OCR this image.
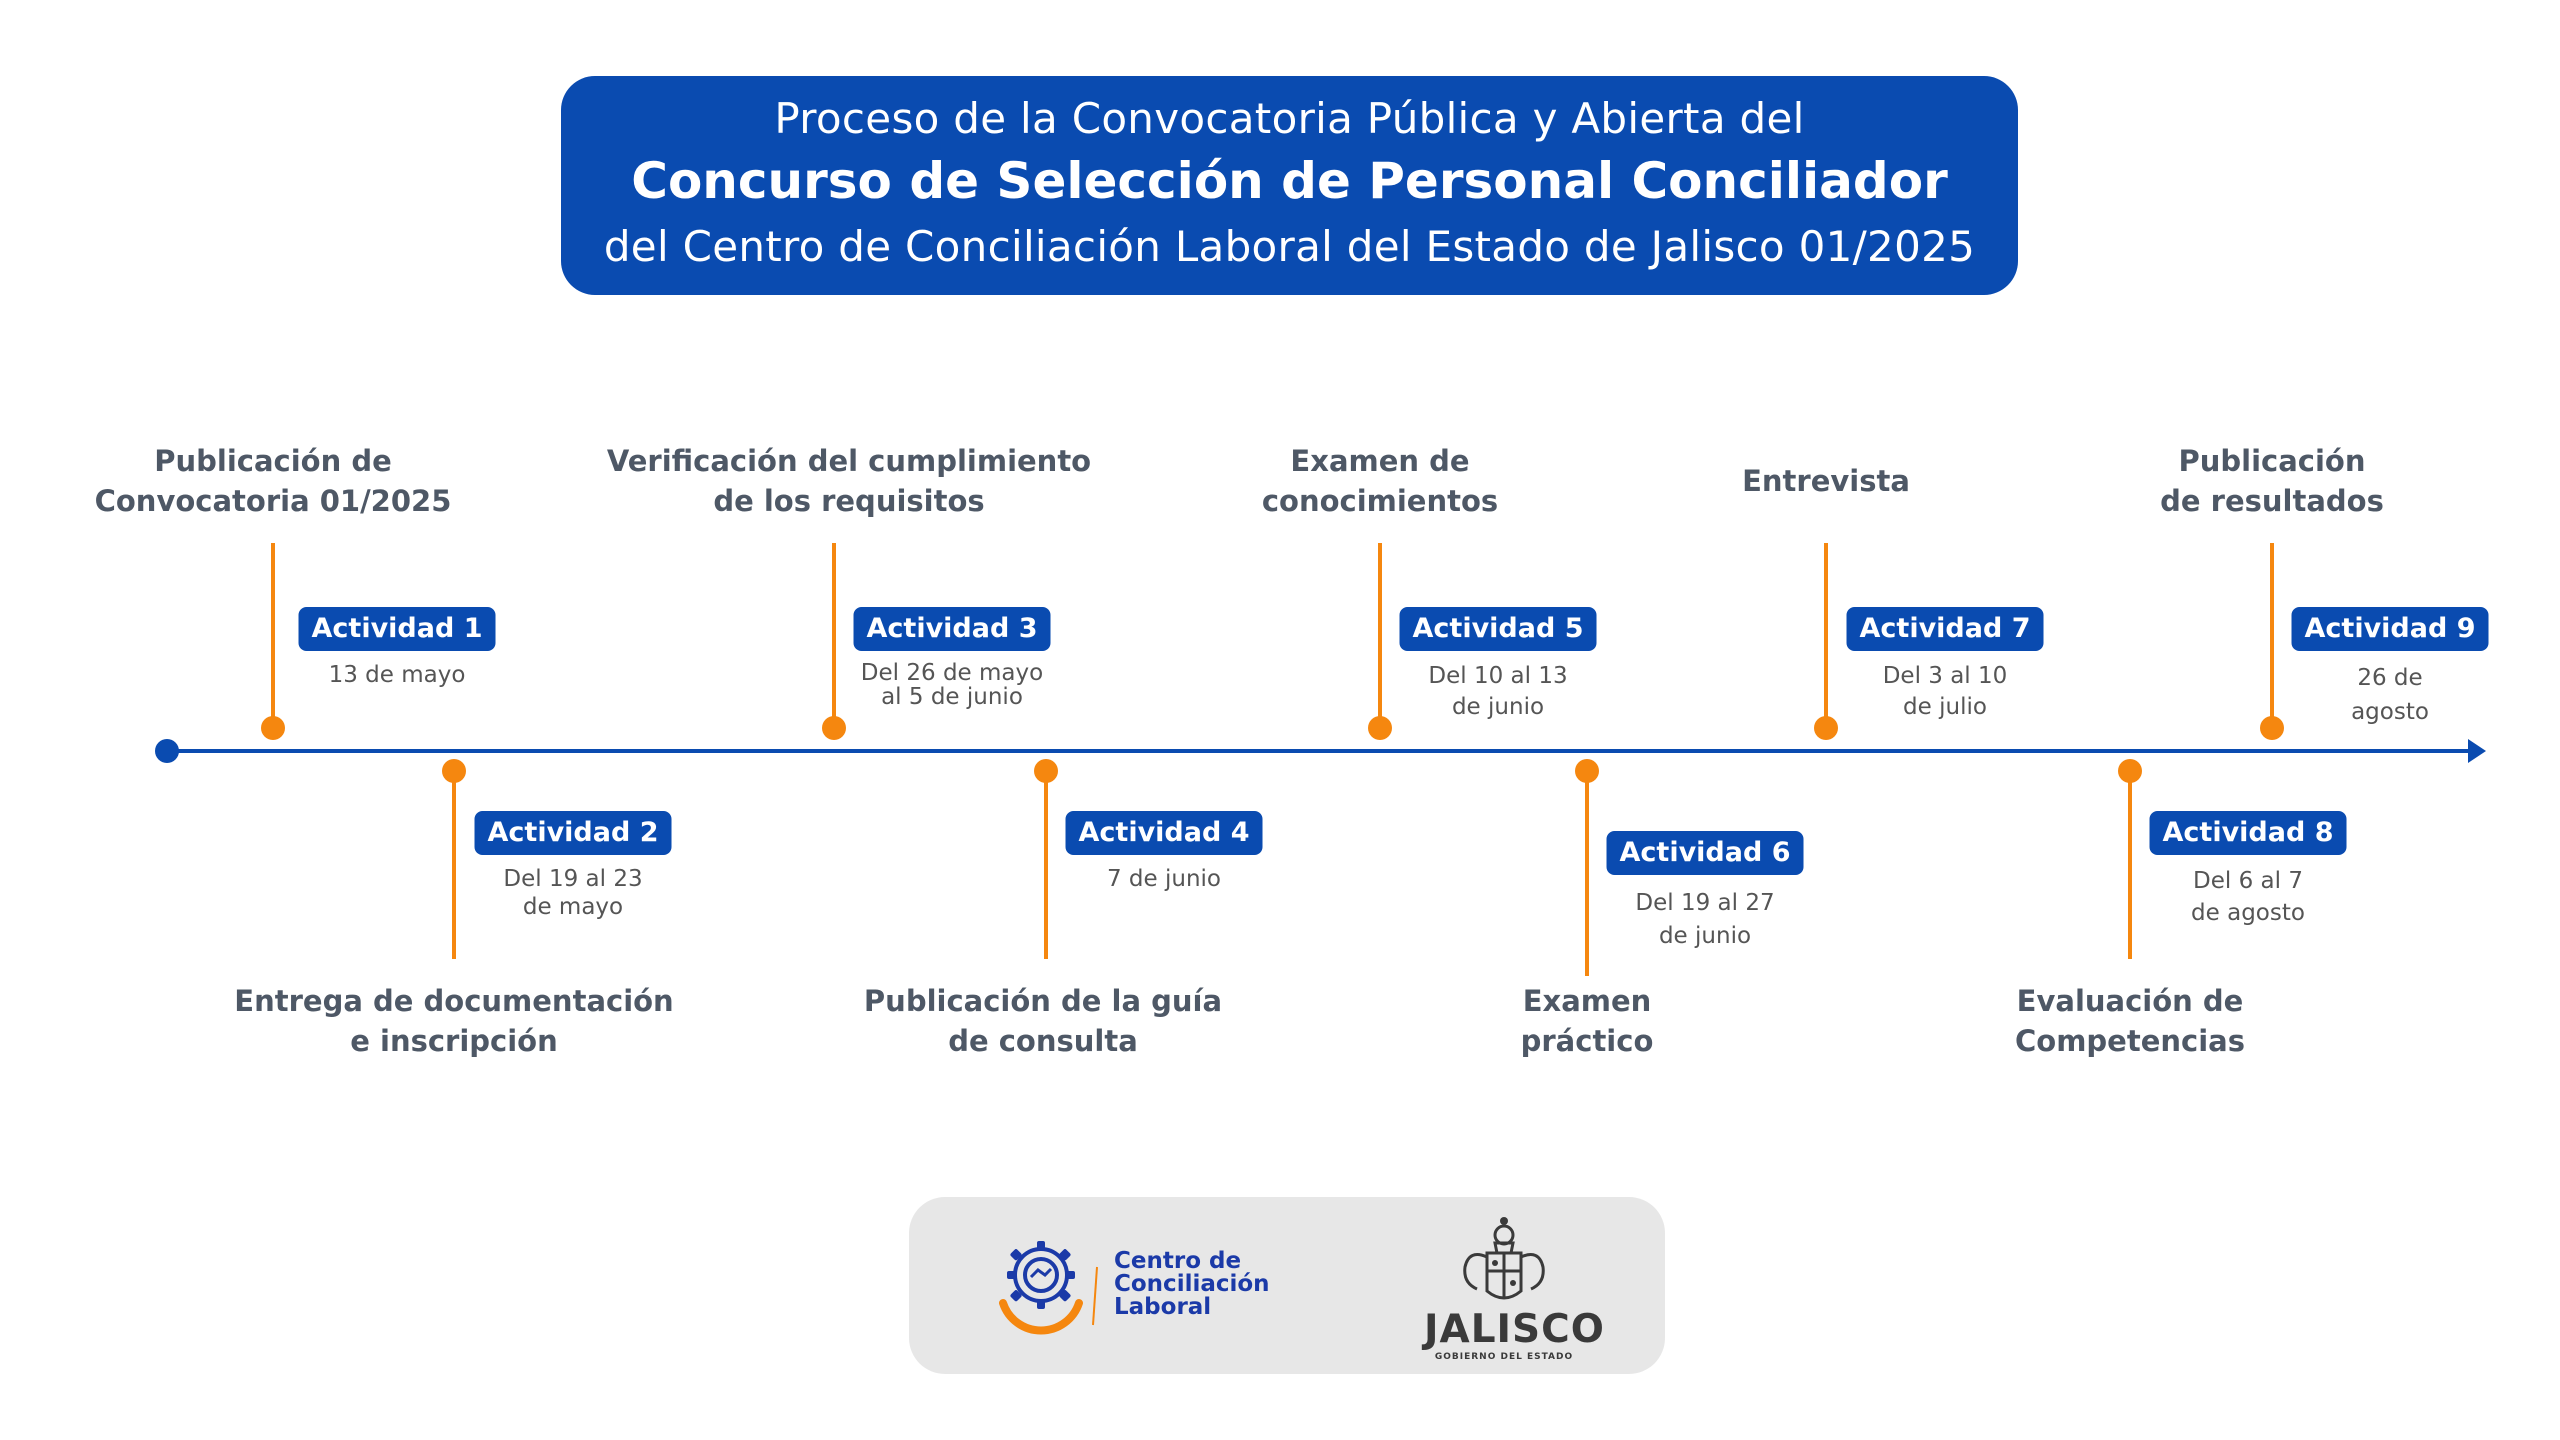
Proceso de la Convocatoria Pública y Abierta del
Concurso de Selección de Personal Conciliador
del Centro de Conciliación Laboral del Estado de Jalisco 01/2025
Publicación de
Convocatoria 01/2025
Actividad 1
13 de mayo
Actividad 2
Del 19 al 23
de mayo
Entrega de documentación
e inscripción
Verificación del cumplimiento
de los requisitos
Actividad 3
Del 26 de mayo
al 5 de junio
Actividad 4
7 de junio
Publicación de la guía
de consulta
Examen de
conocimientos
Actividad 5
Del 10 al 13
de junio
Actividad 6
Del 19 al 27
de junio
Examen
práctico
Entrevista
Actividad 7
Del 3 al 10
de julio
Actividad 8
Del 6 al 7
de agosto
Evaluación de
Competencias
Publicación
de resultados
Actividad 9
26 de
agosto
Centro de
Conciliación
Laboral	JALISCO
GOBIERNO DEL ESTADO
